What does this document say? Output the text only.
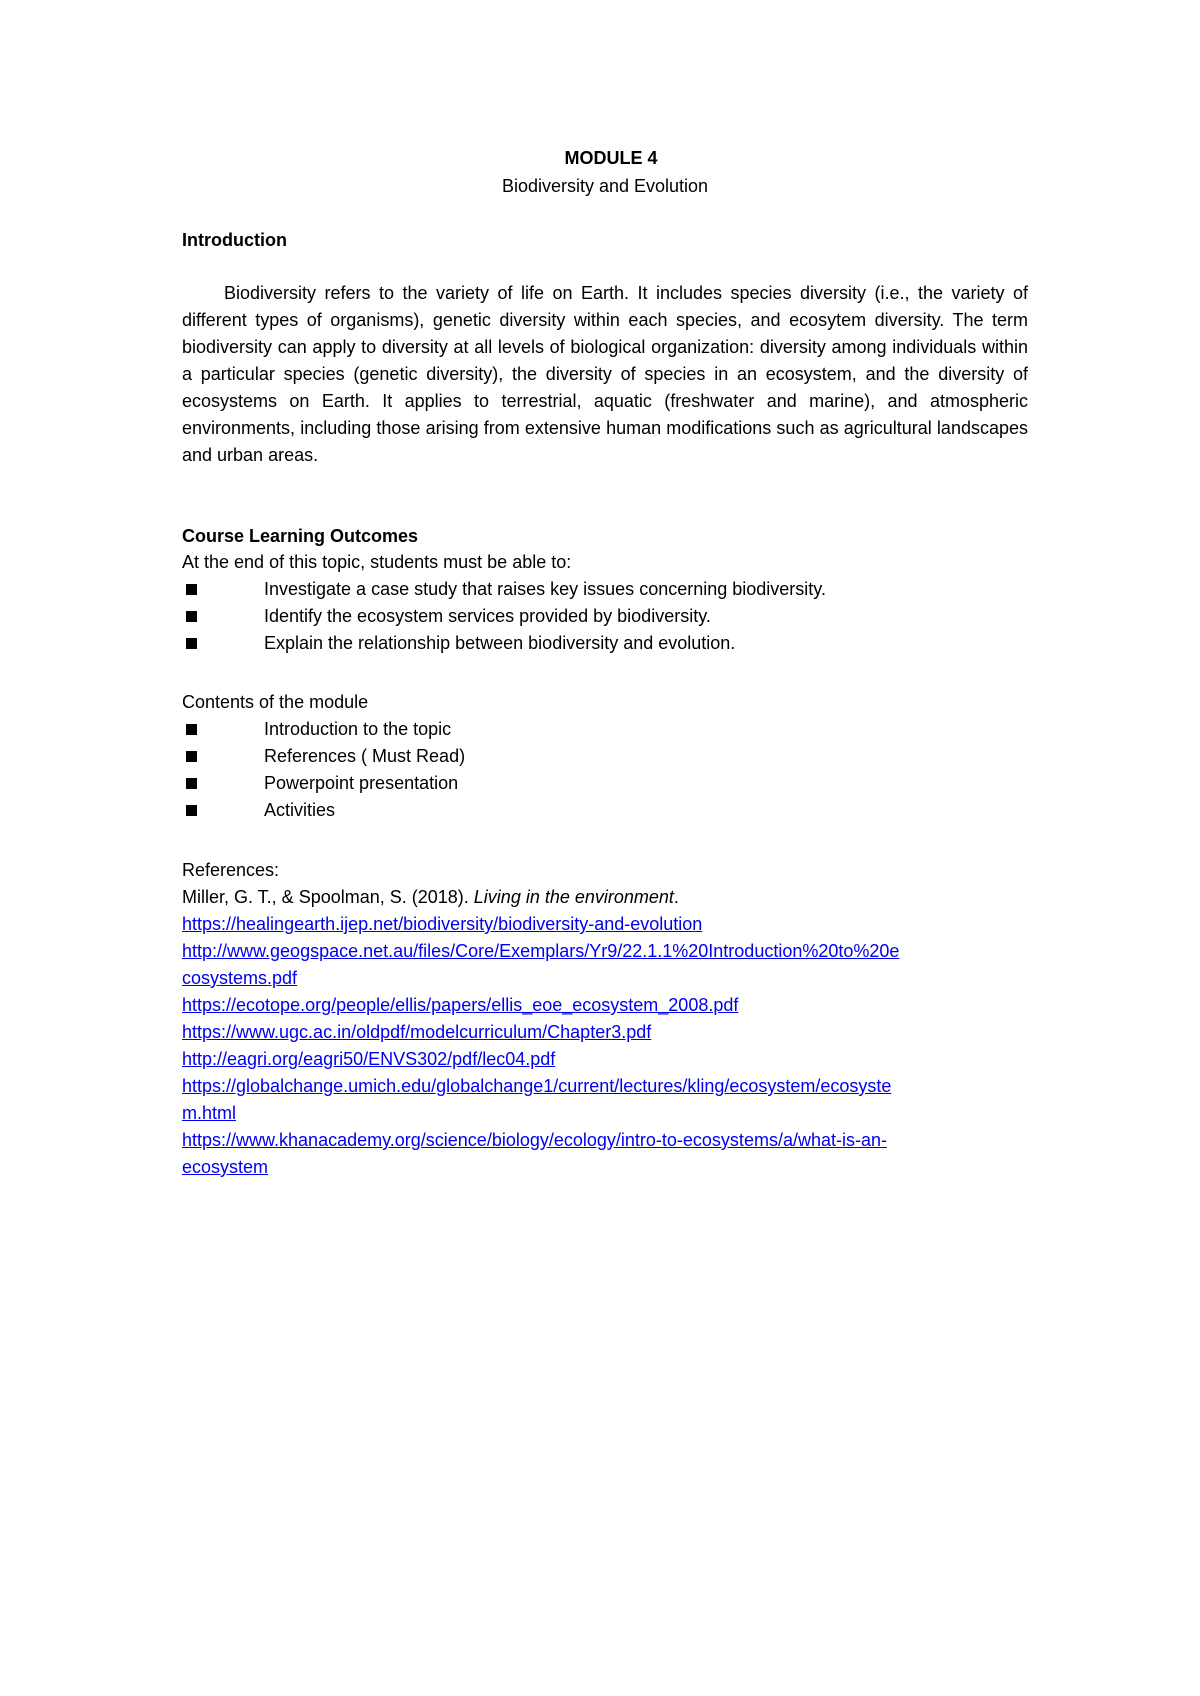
MODULE 4
Biodiversity and Evolution
Introduction

Biodiversity refers to the variety of life on Earth. It includes species diversity (i.e., the variety of different types of organisms), genetic diversity within each species, and ecosytem diversity. The term biodiversity can apply to diversity at all levels of biological organization: diversity among individuals within a particular species (genetic diversity), the diversity of species in an ecosystem, and the diversity of ecosystems on Earth. It applies to terrestrial, aquatic (freshwater and marine), and atmospheric environments, including those arising from extensive human modifications such as agricultural landscapes and urban areas.

Course Learning Outcomes
At the end of this topic, students must be able to:
Investigate a case study that raises key issues concerning biodiversity.
Identify the ecosystem services provided by biodiversity.
Explain the relationship between biodiversity and evolution.
Contents of the module
Introduction to the topic
References ( Must Read)
Powerpoint presentation
Activities
References:
Miller, G. T., & Spoolman, S. (2018). Living in the environment.
https://healingearth.ijep.net/biodiversity/biodiversity-and-evolution
http://www.geogspace.net.au/files/Core/Exemplars/Yr9/22.1.1%20Introduction%20to%20e
cosystems.pdf
https://ecotope.org/people/ellis/papers/ellis_eoe_ecosystem_2008.pdf
https://www.ugc.ac.in/oldpdf/modelcurriculum/Chapter3.pdf
http://eagri.org/eagri50/ENVS302/pdf/lec04.pdf
https://globalchange.umich.edu/globalchange1/current/lectures/kling/ecosystem/ecosyste
m.html
https://www.khanacademy.org/science/biology/ecology/intro-to-ecosystems/a/what-is-an-
ecosystem
